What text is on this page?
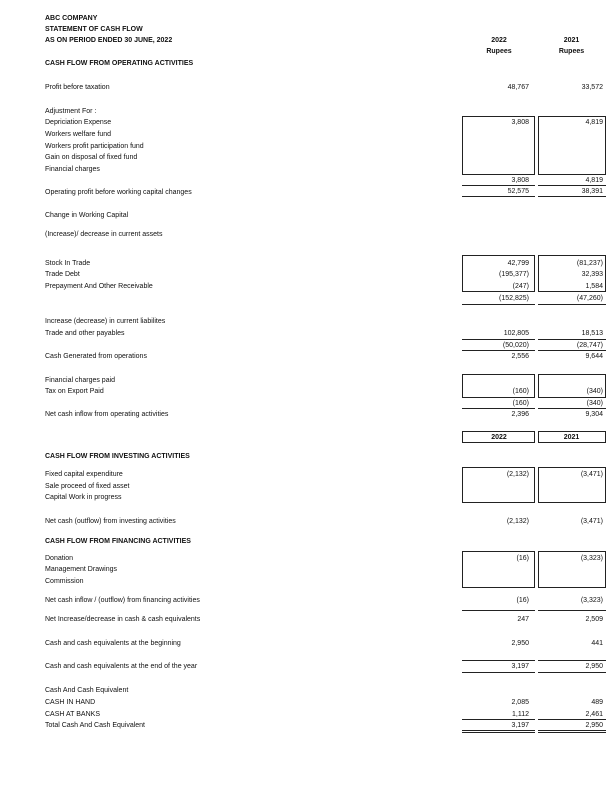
ABC COMPANY
STATEMENT OF CASH FLOW
AS ON PERIOD ENDED 30 JUNE, 2022	2022	2021
Rupees	Rupees
CASH FLOW FROM OPERATING ACTIVITIES
Profit before taxation	48,767	33,572
Adjustment For :
Depriciation Expense	3,808	4,819
Workers welfare fund
Workers profit participation fund
Gain on disposal of fixed fund
Financial charges
3,808	4,819
Operating profit before working capital changes	52,575	38,391
Change in Working Capital
(Increase)/ decrease in current assets
Stock In Trade	42,799	(81,237)
Trade Debt	(195,377)	32,393
Prepayment And Other Receivable	(247)	1,584
(152,825)	(47,260)
Increase (decrease) in current liabilites
Trade and other payables	102,805	18,513
(50,020)	(28,747)
Cash Generated from operations	2,556	9,644
Financial charges paid
Tax on Export Paid	(160)	(340)
(160)	(340)
Net cash inflow from operating activities	2,396	9,304
2022	2021
CASH FLOW FROM INVESTING ACTIVITIES
Fixed capital expenditure	(2,132)	(3,471)
Sale proceed of fixed asset
Capital Work in progress
Net cash (outflow) from investing activities	(2,132)	(3,471)
CASH FLOW FROM FINANCING ACTIVITIES
Donation	(16)	(3,323)
Management Drawings
Commission
Net cash inflow / (outflow) from financing activities	(16)	(3,323)
Net Increase/decrease in cash & cash equivalents	247	2,509
Cash and cash equivalents at the beginning	2,950	441
Cash and cash equivalents at the end of the year	3,197	2,950
Cash And Cash Equivalent
CASH IN HAND	2,085	489
CASH AT BANKS	1,112	2,461
Total Cash And Cash Equivalent	3,197	2,950
